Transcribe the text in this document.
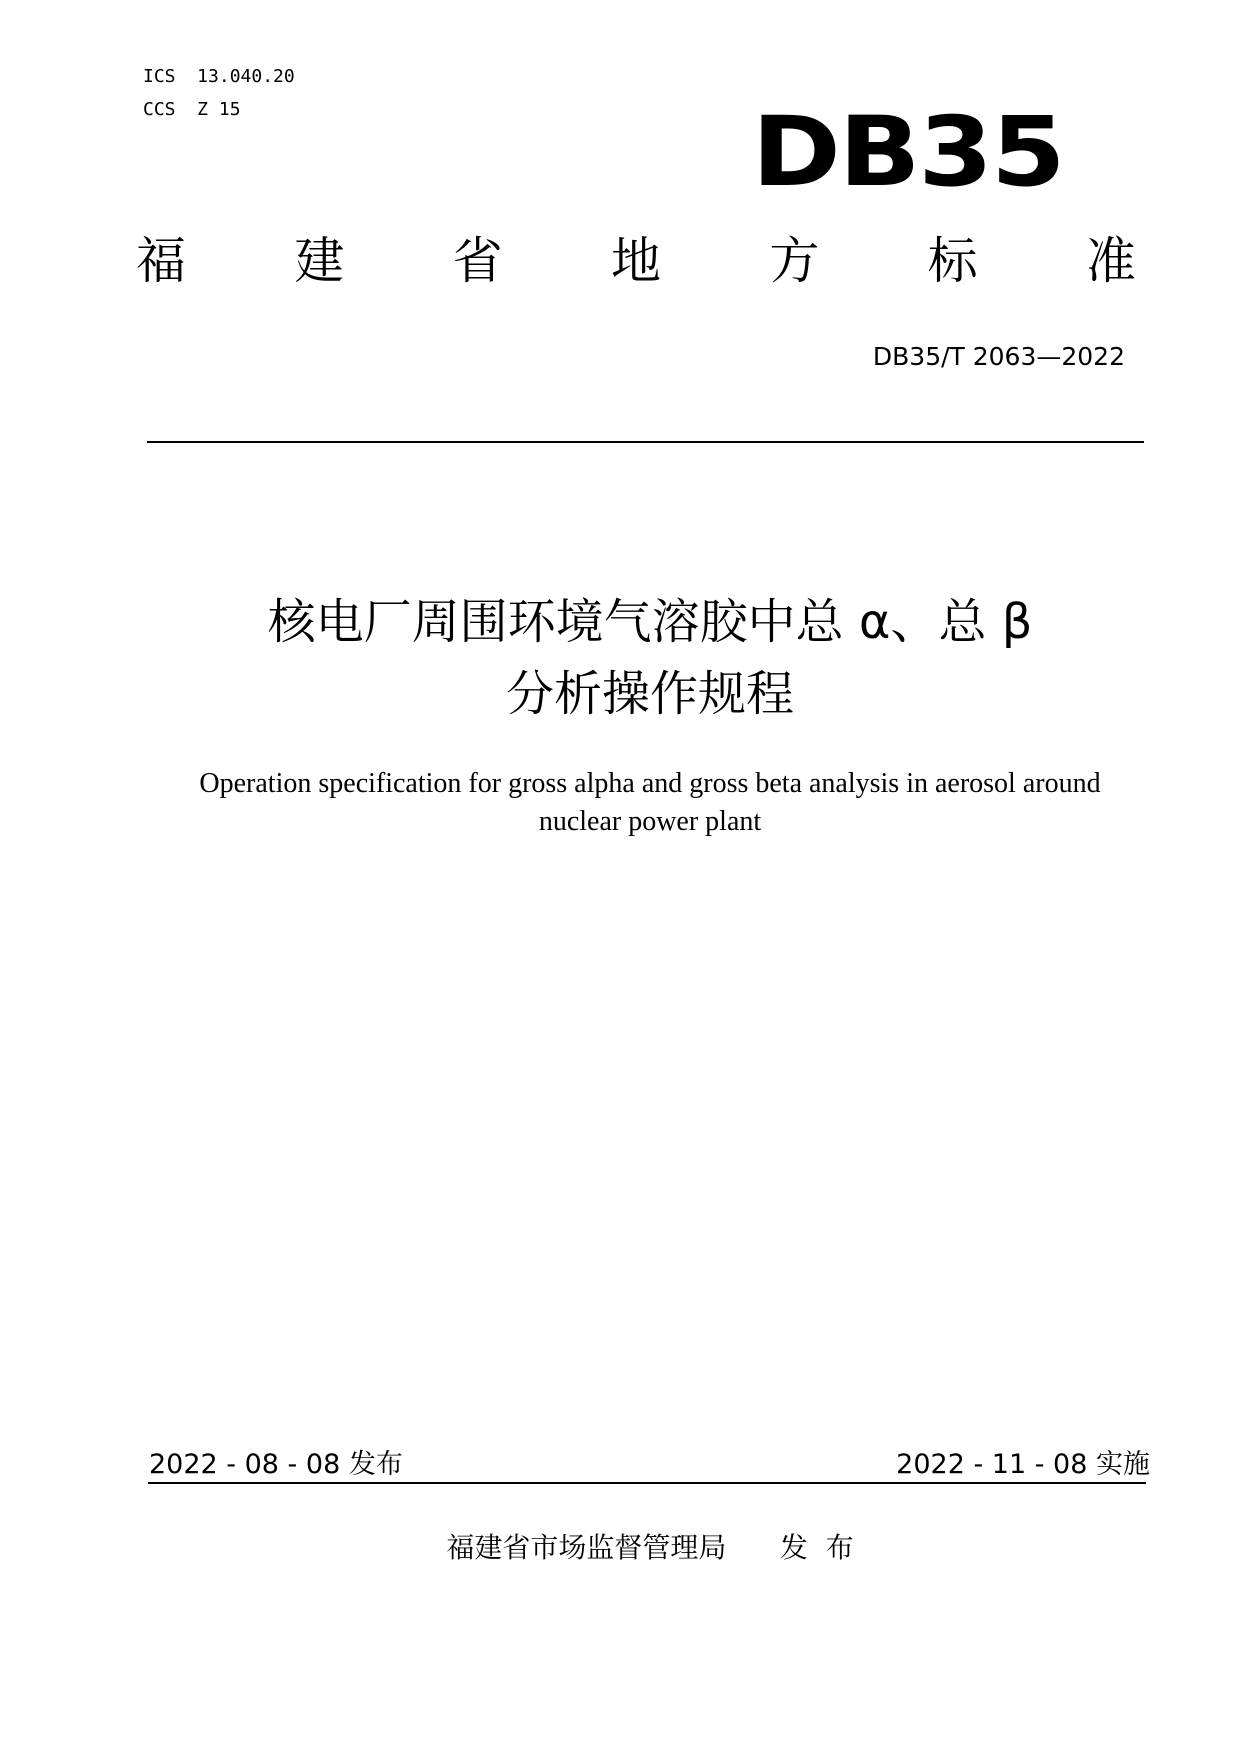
ICS  13.040.20
CCS  Z 15	DB35
福 建 省 地 方 标 准
DB35/T 2063—2022
核电厂周围环境气溶胶中总 α、总 β
分析操作规程
Operation specification for gross alpha and gross beta analysis in aerosol around
nuclear power plant
2022 - 08 - 08 发布	2022 - 11 - 08 实施
福建省市场监督管理局      发  布
